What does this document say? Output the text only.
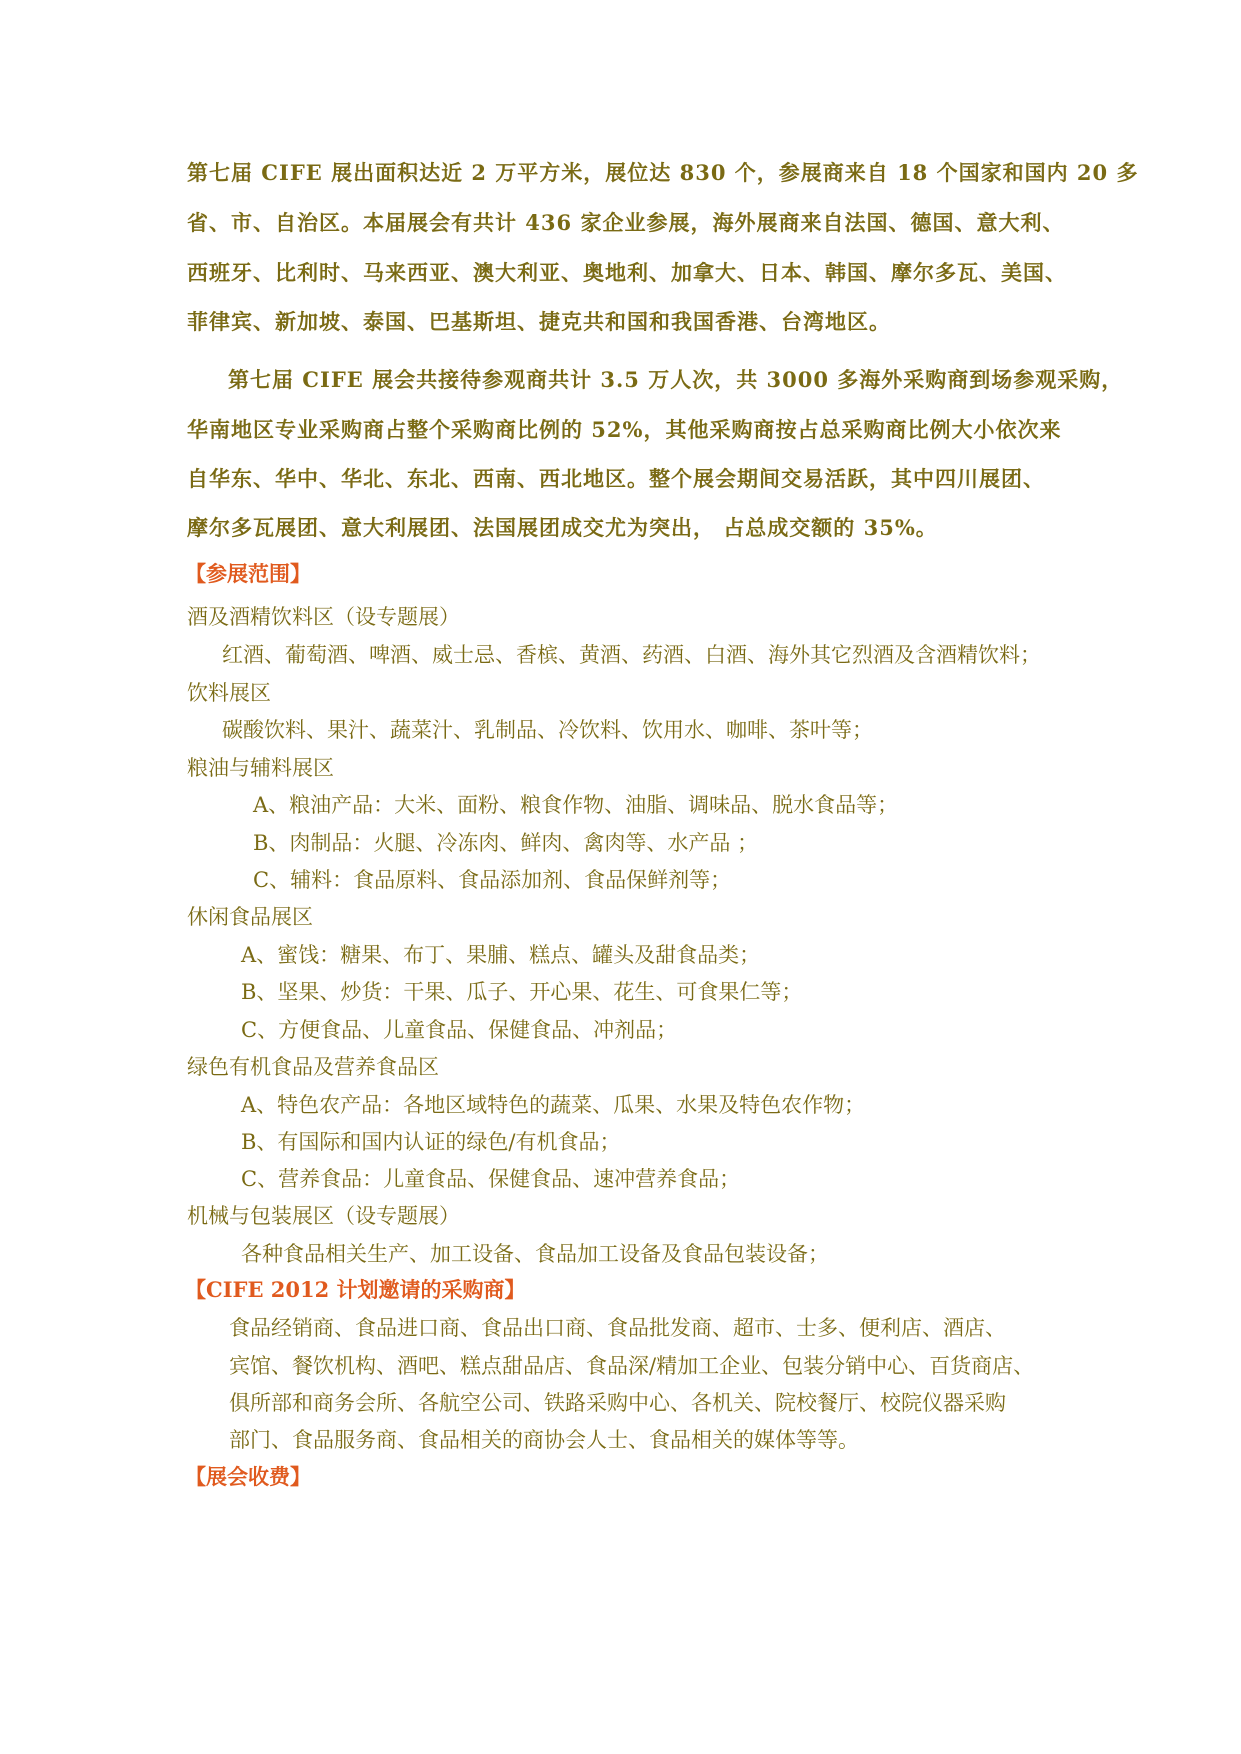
第七届 CIFE 展出面积达近 2 万平方米，展位达 830 个，参展商来自 18 个国家和国内 20 多
省、市、自治区。本届展会有共计 436 家企业参展，海外展商来自法国、德国、意大利、
西班牙、比利时、马来西亚、澳大利亚、奥地利、加拿大、日本、韩国、摩尔多瓦、美国、
菲律宾、新加坡、泰国、巴基斯坦、捷克共和国和我国香港、台湾地区。
第七届 CIFE 展会共接待参观商共计 3.5 万人次，共 3000 多海外采购商到场参观采购，
华南地区专业采购商占整个采购商比例的 52%，其他采购商按占总采购商比例大小依次来
自华东、华中、华北、东北、西南、西北地区。整个展会期间交易活跃，其中四川展团、
摩尔多瓦展团、意大利展团、法国展团成交尤为突出， 占总成交额的 35%。
【参展范围】
酒及酒精饮料区（设专题展）
红酒、葡萄酒、啤酒、威士忌、香槟、黄酒、药酒、白酒、海外其它烈酒及含酒精饮料；
饮料展区
碳酸饮料、果汁、蔬菜汁、乳制品、冷饮料、饮用水、咖啡、茶叶等；
粮油与辅料展区
A、粮油产品：大米、面粉、粮食作物、油脂、调味品、脱水食品等；
B、肉制品：火腿、冷冻肉、鲜肉、禽肉等、水产品 ；
C、辅料：食品原料、食品添加剂、食品保鲜剂等；
休闲食品展区
A、蜜饯：糖果、布丁、果脯、糕点、罐头及甜食品类；
B、坚果、炒货：干果、瓜子、开心果、花生、可食果仁等；
C、方便食品、儿童食品、保健食品、冲剂品；
绿色有机食品及营养食品区
A、特色农产品：各地区域特色的蔬菜、瓜果、水果及特色农作物；
B、有国际和国内认证的绿色/有机食品；
C、营养食品：儿童食品、保健食品、速冲营养食品；
机械与包装展区（设专题展）
各种食品相关生产、加工设备、食品加工设备及食品包装设备；
【CIFE 2012 计划邀请的采购商】
食品经销商、食品进口商、食品出口商、食品批发商、超市、士多、便利店、酒店、
宾馆、餐饮机构、酒吧、糕点甜品店、食品深/精加工企业、包装分销中心、百货商店、
俱所部和商务会所、各航空公司、铁路采购中心、各机关、院校餐厅、校院仪器采购
部门、食品服务商、食品相关的商协会人士、食品相关的媒体等等。
【展会收费】
